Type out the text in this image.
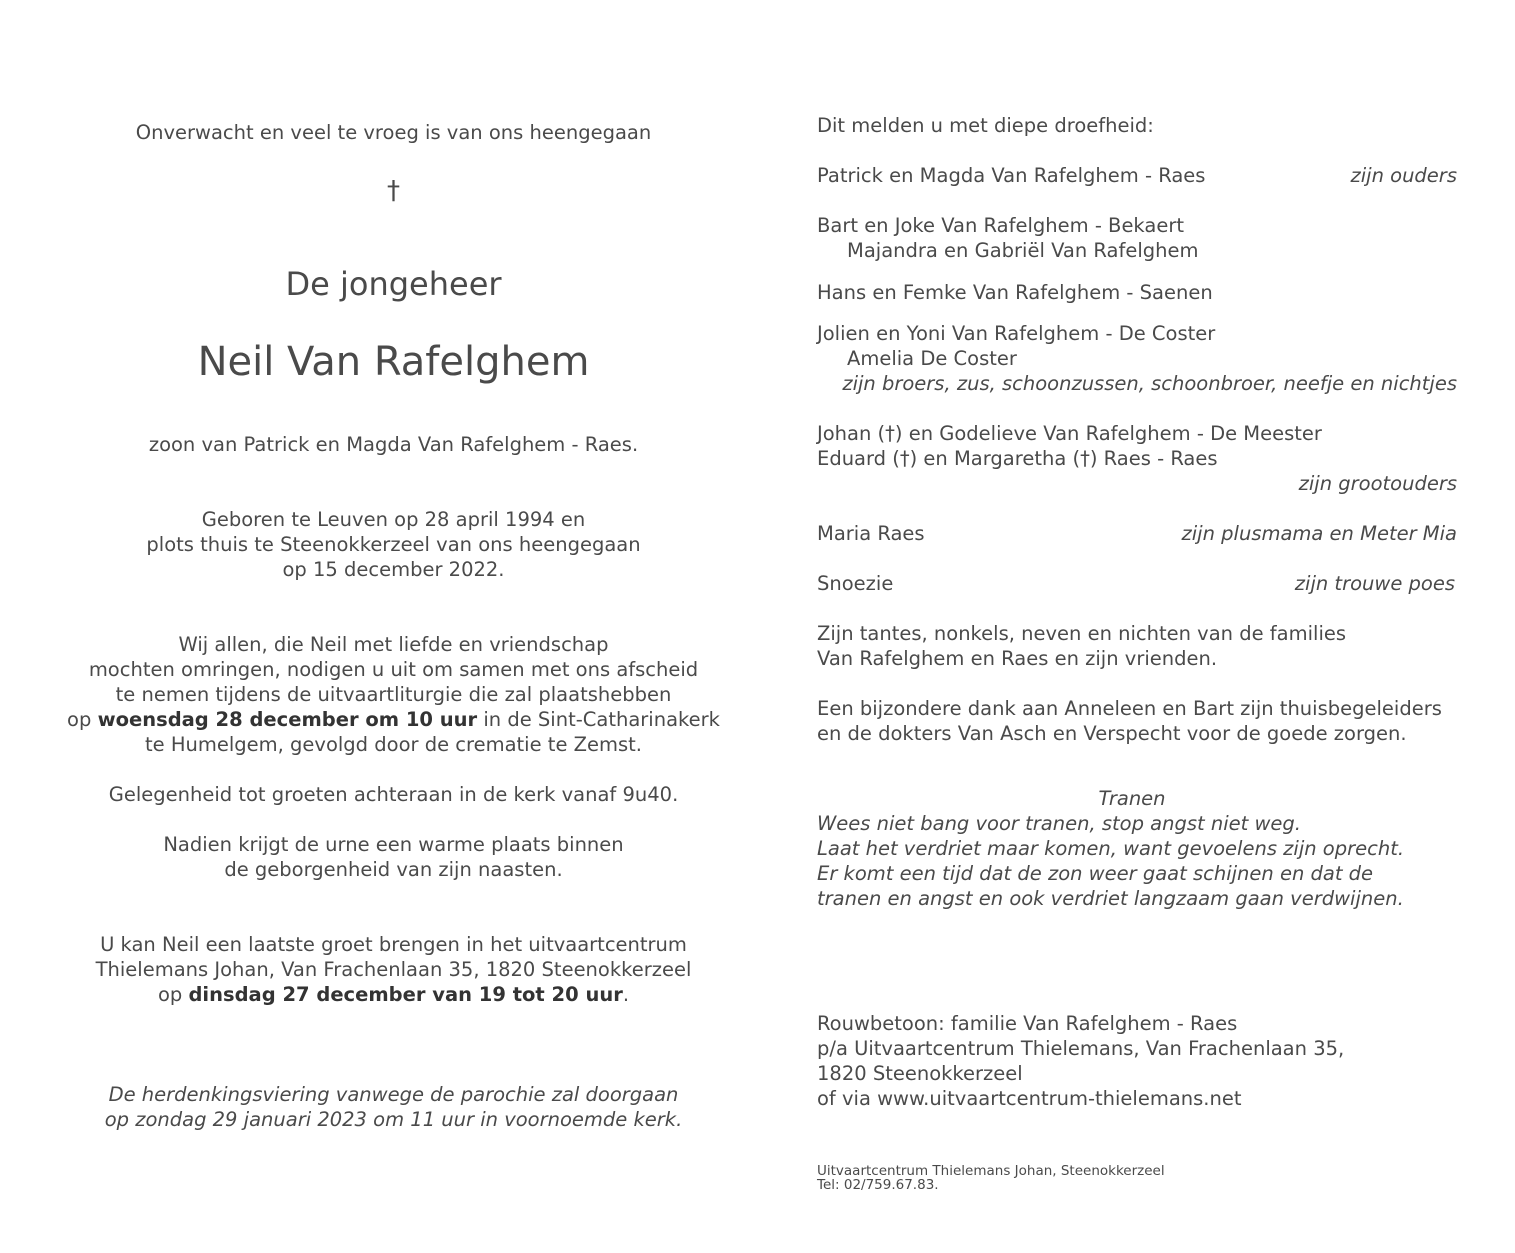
Onverwacht en veel te vroeg is van ons heengegaan
†
De jongeheer
Neil Van Rafelghem
zoon van Patrick en Magda Van Rafelghem - Raes.
Geboren te Leuven op 28 april 1994 en
plots thuis te Steenokkerzeel van ons heengegaan
op 15 december 2022.
Wij allen, die Neil met liefde en vriendschap
mochten omringen, nodigen u uit om samen met ons afscheid
te nemen tijdens de uitvaartliturgie die zal plaatshebben
op woensdag 28 december om 10 uur in de Sint-Catharinakerk
te Humelgem, gevolgd door de crematie te Zemst.
Gelegenheid tot groeten achteraan in de kerk vanaf 9u40.
Nadien krijgt de urne een warme plaats binnen
de geborgenheid van zijn naasten.
U kan Neil een laatste groet brengen in het uitvaartcentrum
Thielemans Johan, Van Frachenlaan 35, 1820 Steenokkerzeel
op dinsdag 27 december van 19 tot 20 uur.
De herdenkingsviering vanwege de parochie zal doorgaan
op zondag 29 januari 2023 om 11 uur in voornoemde kerk.
Dit melden u met diepe droefheid:
Patrick en Magda Van Rafelghem - Raes	zijn ouders
Bart en Joke Van Rafelghem - Bekaert
Majandra en Gabriël Van Rafelghem
Hans en Femke Van Rafelghem - Saenen
Jolien en Yoni Van Rafelghem - De Coster
Amelia De Coster
zijn broers, zus, schoonzussen, schoonbroer, neefje en nichtjes
Johan (†) en Godelieve Van Rafelghem - De Meester
Eduard (†) en Margaretha (†) Raes - Raes
zijn grootouders
Maria Raes	zijn plusmama en Meter Mia
Snoezie	zijn trouwe poes
Zijn tantes, nonkels, neven en nichten van de families
Van Rafelghem en Raes en zijn vrienden.
Een bijzondere dank aan Anneleen en Bart zijn thuisbegeleiders
en de dokters Van Asch en Verspecht voor de goede zorgen.
Tranen
Wees niet bang voor tranen, stop angst niet weg.
Laat het verdriet maar komen, want gevoelens zijn oprecht.
Er komt een tijd dat de zon weer gaat schijnen en dat de
tranen en angst en ook verdriet langzaam gaan verdwijnen.
Rouwbetoon: familie Van Rafelghem - Raes
p/a Uitvaartcentrum Thielemans, Van Frachenlaan 35,
1820 Steenokkerzeel
of via www.uitvaartcentrum-thielemans.net
Uitvaartcentrum Thielemans Johan, Steenokkerzeel
Tel: 02/759.67.83.
